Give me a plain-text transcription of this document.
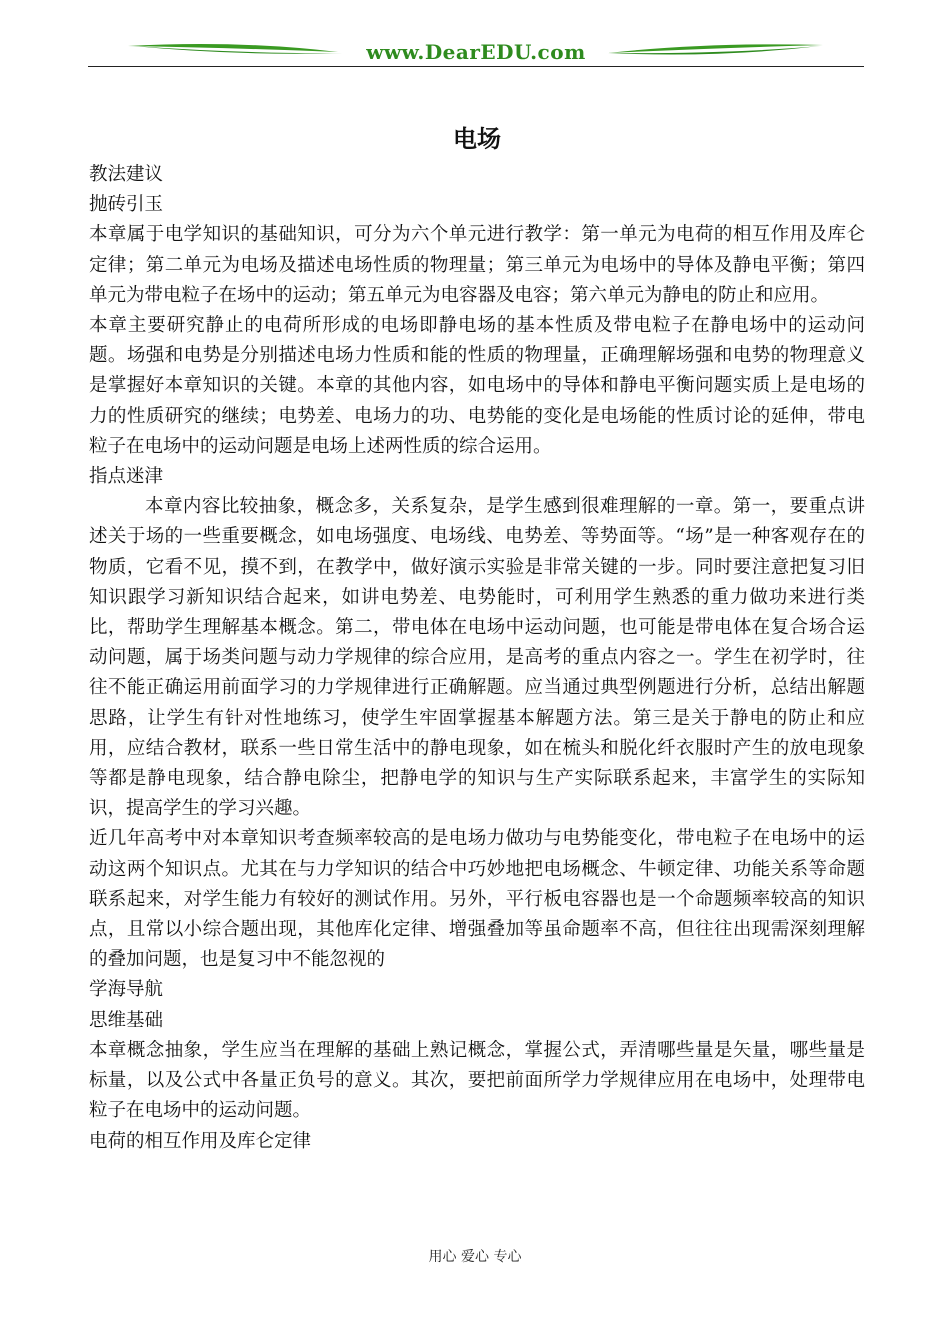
www.DearEDU.com
电场

教法建议

抛砖引玉

本章属于电学知识的基础知识，可分为六个单元进行教学：第一单元为电荷的相互作用及库仑定律；第二单元为电场及描述电场性质的物理量；第三单元为电场中的导体及静电平衡；第四单元为带电粒子在场中的运动；第五单元为电容器及电容；第六单元为静电的防止和应用。

本章主要研究静止的电荷所形成的电场即静电场的基本性质及带电粒子在静电场中的运动问题。场强和电势是分别描述电场力性质和能的性质的物理量，正确理解场强和电势的物理意义是掌握好本章知识的关键。本章的其他内容，如电场中的导体和静电平衡问题实质上是电场的力的性质研究的继续；电势差、电场力的功、电势能的变化是电场能的性质讨论的延伸，带电粒子在电场中的运动问题是电场上述两性质的综合运用。

指点迷津

本章内容比较抽象，概念多，关系复杂，是学生感到很难理解的一章。第一，要重点讲述关于场的一些重要概念，如电场强度、电场线、电势差、等势面等。“场”是一种客观存在的物质，它看不见，摸不到，在教学中，做好演示实验是非常关键的一步。同时要注意把复习旧知识跟学习新知识结合起来，如讲电势差、电势能时，可利用学生熟悉的重力做功来进行类比，帮助学生理解基本概念。第二，带电体在电场中运动问题，也可能是带电体在复合场合运动问题，属于场类问题与动力学规律的综合应用，是高考的重点内容之一。学生在初学时，往往不能正确运用前面学习的力学规律进行正确解题。应当通过典型例题进行分析，总结出解题思路，让学生有针对性地练习，使学生牢固掌握基本解题方法。第三是关于静电的防止和应用，应结合教材，联系一些日常生活中的静电现象，如在梳头和脱化纤衣服时产生的放电现象等都是静电现象，结合静电除尘，把静电学的知识与生产实际联系起来，丰富学生的实际知识，提高学生的学习兴趣。

近几年高考中对本章知识考查频率较高的是电场力做功与电势能变化，带电粒子在电场中的运动这两个知识点。尤其在与力学知识的结合中巧妙地把电场概念、牛顿定律、功能关系等命题联系起来，对学生能力有较好的测试作用。另外，平行板电容器也是一个命题频率较高的知识点，且常以小综合题出现，其他库化定律、增强叠加等虽命题率不高，但往往出现需深刻理解的叠加问题，也是复习中不能忽视的

学海导航

思维基础

本章概念抽象，学生应当在理解的基础上熟记概念，掌握公式，弄清哪些量是矢量，哪些量是标量，以及公式中各量正负号的意义。其次，要把前面所学力学规律应用在电场中，处理带电粒子在电场中的运动问题。

电荷的相互作用及库仑定律

用心 爱心 专心
